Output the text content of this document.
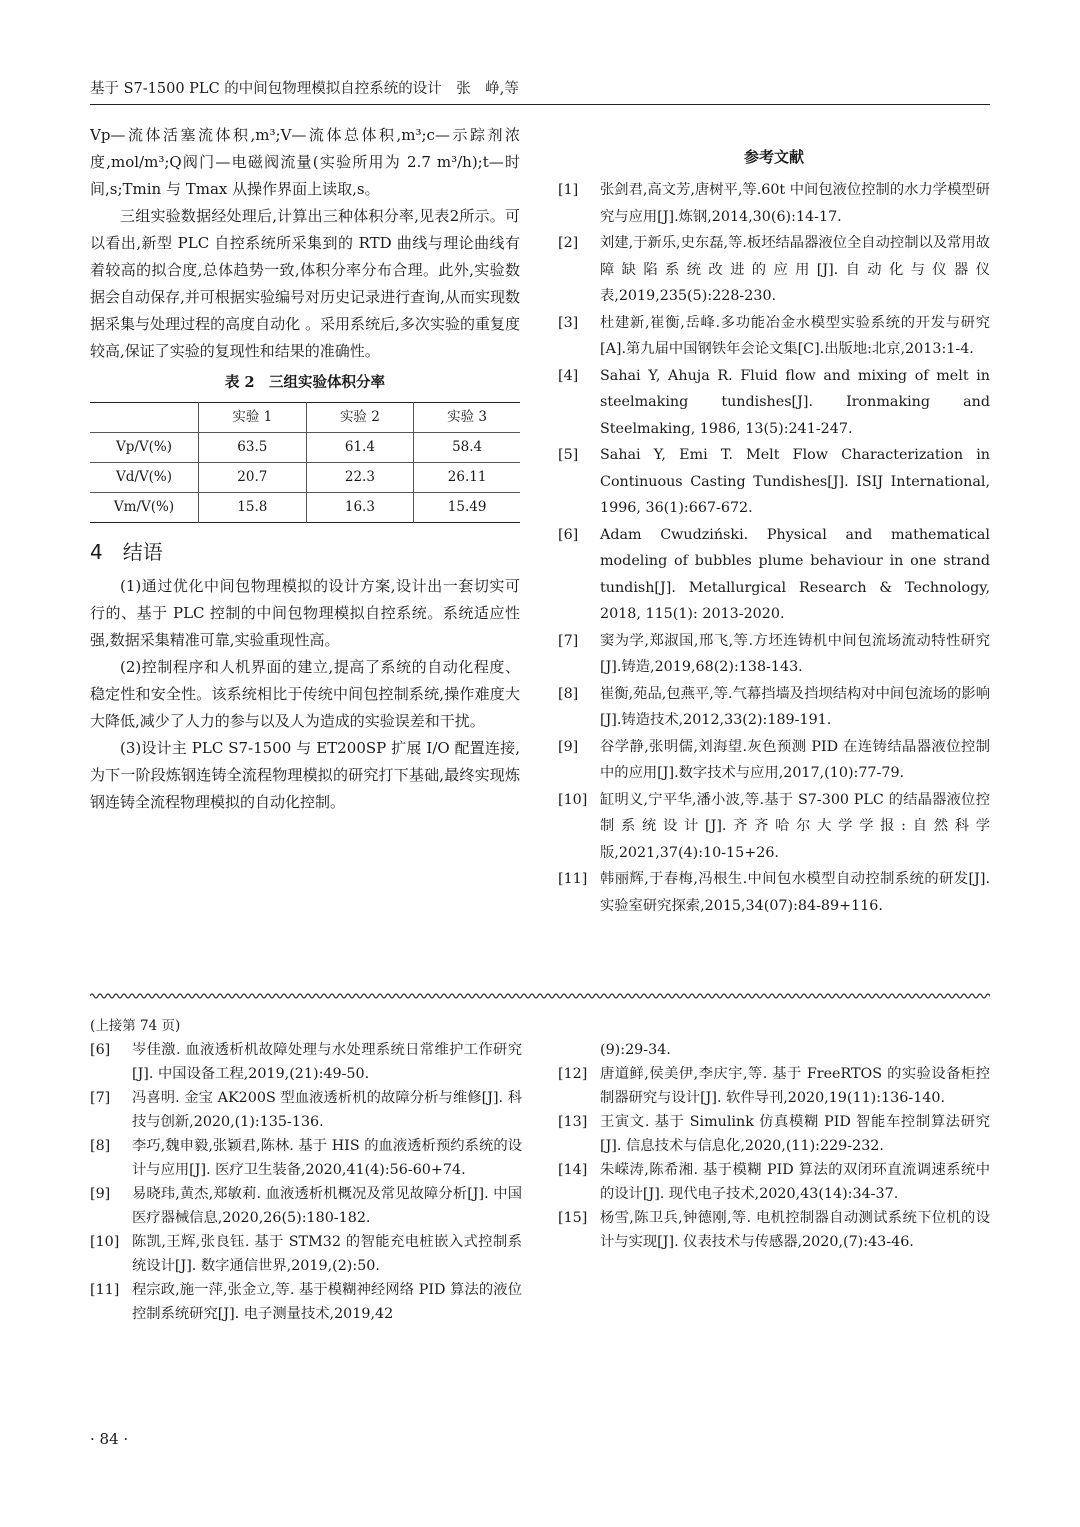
基于 S7-1500 PLC 的中间包物理模拟自控系统的设计　张　峥,等

Vp—流体活塞流体积,m³;V—流体总体积,m³;c—示踪剂浓度,mol/m³;Q阀门—电磁阀流量(实验所用为 2.7 m³/h);t—时间,s;Tmin 与 Tmax 从操作界面上读取,s。

三组实验数据经处理后,计算出三种体积分率,见表2所示。可以看出,新型 PLC 自控系统所采集到的 RTD 曲线与理论曲线有着较高的拟合度,总体趋势一致,体积分率分布合理。此外,实验数据会自动保存,并可根据实验编号对历史记录进行查询,从而实现数据采集与处理过程的高度自动化 。采用系统后,多次实验的重复度较高,保证了实验的复现性和结果的准确性。

表 2　三组实验体积分率
	实验 1	实验 2	实验 3
Vp/V(%)	63.5	61.4	58.4
Vd/V(%)	20.7	22.3	26.11
Vm/V(%)	15.8	16.3	15.49
4　结语

(1)通过优化中间包物理模拟的设计方案,设计出一套切实可行的、基于 PLC 控制的中间包物理模拟自控系统。系统适应性强,数据采集精准可靠,实验重现性高。

(2)控制程序和人机界面的建立,提高了系统的自动化程度、稳定性和安全性。该系统相比于传统中间包控制系统,操作难度大大降低,减少了人力的参与以及人为造成的实验误差和干扰。

(3)设计主 PLC S7-1500 与 ET200SP 扩展 I/O 配置连接,为下一阶段炼钢连铸全流程物理模拟的研究打下基础,最终实现炼钢连铸全流程物理模拟的自动化控制。

参考文献
[1]	张剑君,高文芳,唐树平,等.60t 中间包液位控制的水力学模型研究与应用[J].炼钢,2014,30(6):14-17.
[2]	刘建,于新乐,史东磊,等.板坯结晶器液位全自动控制以及常用故障缺陷系统改进的应用[J].自动化与仪器仪表,2019,235(5):228-230.
[3]	杜建新,崔衡,岳峰.多功能冶金水模型实验系统的开发与研究[A].第九届中国钢铁年会论文集[C].出版地:北京,2013:1-4.
[4]	Sahai Y, Ahuja R. Fluid flow and mixing of melt in steelmaking tundishes[J]. Ironmaking and Steelmaking, 1986, 13(5):241-247.
[5]	Sahai Y, Emi T. Melt Flow Characterization in Continuous Casting Tundishes[J]. ISIJ International, 1996, 36(1):667-672.
[6]	Adam Cwudziński. Physical and mathematical modeling of bubbles plume behaviour in one strand tundish[J]. Metallurgical Research & Technology, 2018, 115(1): 2013-2020.
[7]	窦为学,郑淑国,邢飞,等.方坯连铸机中间包流场流动特性研究[J].铸造,2019,68(2):138-143.
[8]	崔衡,苑品,包燕平,等.气幕挡墙及挡坝结构对中间包流场的影响[J].铸造技术,2012,33(2):189-191.
[9]	谷学静,张明儒,刘海望.灰色预测 PID 在连铸结晶器液位控制中的应用[J].数字技术与应用,2017,(10):77-79.
[10] 缸明义,宁平华,潘小波,等.基于 S7-300 PLC 的结晶器液位控制系统设计[J].齐齐哈尔大学学报:自然科学版,2021,37(4):10-15+26.
[11] 韩丽辉,于春梅,冯根生.中间包水模型自动控制系统的研发[J].实验室研究探索,2015,34(07):84-89+116.
(上接第 74 页)
[6]	岑佳激. 血液透析机故障处理与水处理系统日常维护工作研究[J]. 中国设备工程,2019,(21):49-50.
[7]	冯喜明. 金宝 AK200S 型血液透析机的故障分析与维修[J]. 科技与创新,2020,(1):135-136.
[8]	李巧,魏申毅,张颖君,陈林. 基于 HIS 的血液透析预约系统的设计与应用[J]. 医疗卫生装备,2020,41(4):56-60+74.
[9]	易晓玮,黄杰,郑敏莉. 血液透析机概况及常见故障分析[J]. 中国医疗器械信息,2020,26(5):180-182.
[10] 陈凯,王辉,张良钰. 基于 STM32 的智能充电桩嵌入式控制系统设计[J]. 数字通信世界,2019,(2):50.
[11] 程宗政,施一萍,张金立,等. 基于模糊神经网络 PID 算法的液位控制系统研究[J]. 电子测量技术,2019,42
(9):29-34.
[12] 唐道鲜,侯美伊,李庆宇,等. 基于 FreeRTOS 的实验设备柜控制器研究与设计[J]. 软件导刊,2020,19(11):136-140.
[13] 王寅文. 基于 Simulink 仿真模糊 PID 智能车控制算法研究[J]. 信息技术与信息化,2020,(11):229-232.
[14] 朱嵘涛,陈希湘. 基于模糊 PID 算法的双闭环直流调速系统中的设计[J]. 现代电子技术,2020,43(14):34-37.
[15] 杨雪,陈卫兵,钟德刚,等. 电机控制器自动测试系统下位机的设计与实现[J]. 仪表技术与传感器,2020,(7):43-46.
· 84 ·
